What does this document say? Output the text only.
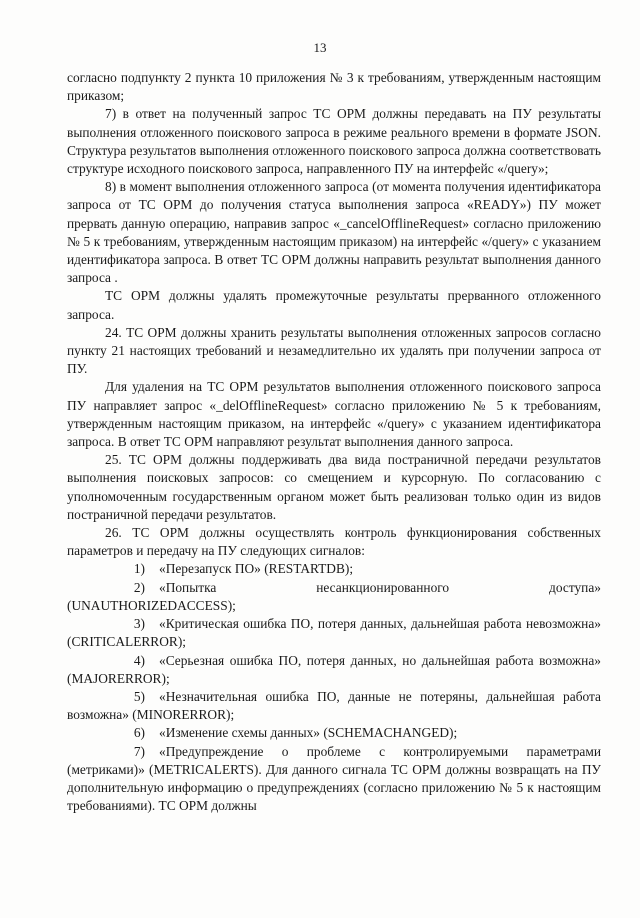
13

согласно подпункту 2 пункта 10 приложения № 3 к требованиям, утвержденным настоящим приказом;

7) в ответ на полученный запрос ТС ОРМ должны передавать на ПУ результаты выполнения отложенного поискового запроса в режиме реального времени в формате JSON. Структура результатов выполнения отложенного поискового запроса должна соответствовать структуре исходного поискового запроса, направленного ПУ на интерфейс «/query»;

8) в момент выполнения отложенного запроса (от момента получения идентификатора запроса от ТС ОРМ до получения статуса выполнения запроса «READY») ПУ может прервать данную операцию, направив запрос «_cancelOfflineRequest» согласно приложению № 5 к требованиям, утвержденным настоящим приказом) на интерфейс «/query» с указанием идентификатора запроса. В ответ ТС ОРМ должны направить результат выполнения данного запроса .

ТС ОРМ должны удалять промежуточные результаты прерванного отложенного запроса.

24. ТС ОРМ должны хранить результаты выполнения отложенных запросов согласно пункту 21 настоящих требований и незамедлительно их удалять при получении запроса от ПУ.

Для удаления на ТС ОРМ результатов выполнения отложенного поискового запроса ПУ направляет запрос «_delOfflineRequest» согласно приложению № 5 к требованиям, утвержденным настоящим приказом, на интерфейс «/query» с указанием идентификатора запроса. В ответ ТС ОРМ направляют результат выполнения данного запроса.

25. ТС ОРМ должны поддерживать два вида постраничной передачи результатов выполнения поисковых запросов: со смещением и курсорную. По согласованию с уполномоченным государственным органом может быть реализован только один из видов постраничной передачи результатов.

26. ТС ОРМ должны осуществлять контроль функционирования собственных параметров и передачу на ПУ следующих сигналов:

1) «Перезапуск ПО» (RESTARTDB);

2) «Попытка	несанкционированного	доступа»

(UNAUTHORIZEDACCESS);

3) «Критическая ошибка ПО, потеря данных, дальнейшая работа невозможна» (CRITICALERROR);

4) «Серьезная ошибка ПО, потеря данных, но дальнейшая работа возможна» (MAJORERROR);

5) «Незначительная ошибка ПО, данные не потеряны, дальнейшая работа возможна» (MINORERROR);

6) «Изменение схемы данных» (SCHEMACHANGED);

7) «Предупреждение о проблеме с контролируемыми параметрами (метриками)» (METRICALERTS). Для данного сигнала ТС ОРМ должны возвращать на ПУ дополнительную информацию о предупреждениях (согласно приложению № 5 к настоящим требованиями). ТС ОРМ должны
